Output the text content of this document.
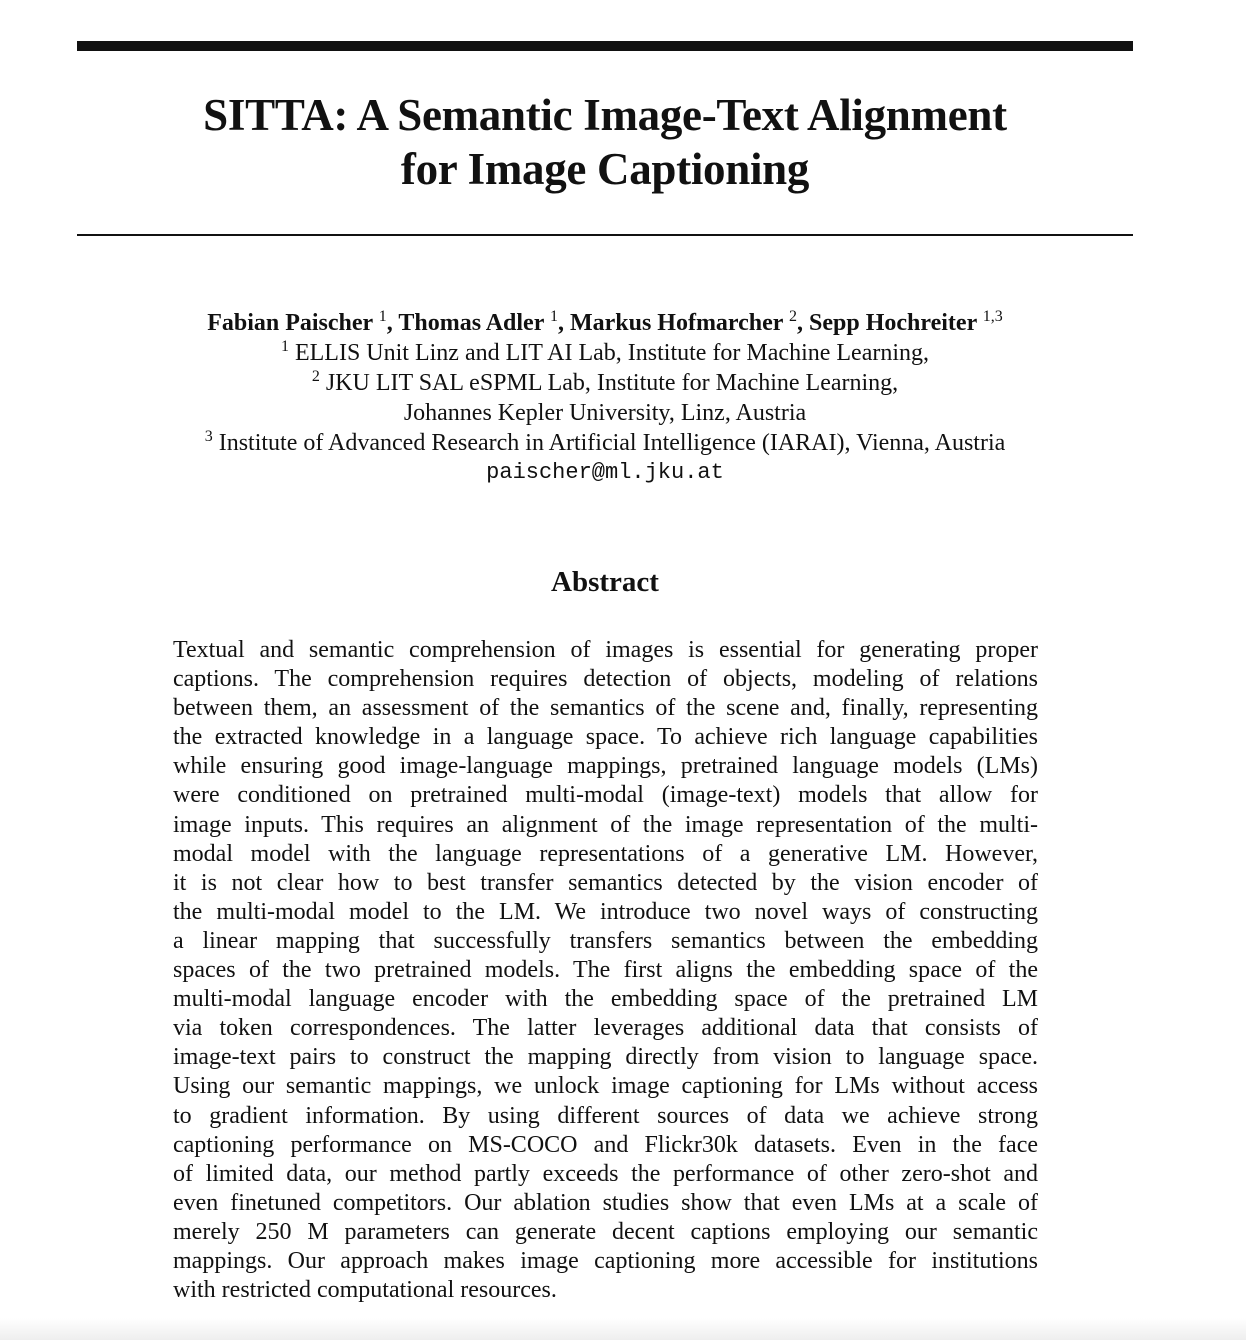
SITTA: A Semantic Image-Text Alignment
for Image Captioning
Fabian Paischer $^1$, Thomas Adler $^1$, Markus Hofmarcher $^2$, Sepp Hochreiter $^{1,3}$
$^1$ ELLIS Unit Linz and LIT AI Lab, Institute for Machine Learning,
$^2$ JKU LIT SAL eSPML Lab, Institute for Machine Learning,
Johannes Kepler University, Linz, Austria
$^3$ Institute of Advanced Research in Artificial Intelligence (IARAI), Vienna, Austria
paischer@ml.jku.at
Abstract

Textual and semantic comprehension of images is essential for generating proper
captions. The comprehension requires detection of objects, modeling of relations
between them, an assessment of the semantics of the scene and, finally, representing
the extracted knowledge in a language space. To achieve rich language capabilities
while ensuring good image-language mappings, pretrained language models (LMs)
were conditioned on pretrained multi-modal (image-text) models that allow for
image inputs. This requires an alignment of the image representation of the multi-
modal model with the language representations of a generative LM. However,
it is not clear how to best transfer semantics detected by the vision encoder of
the multi-modal model to the LM. We introduce two novel ways of constructing
a linear mapping that successfully transfers semantics between the embedding
spaces of the two pretrained models. The first aligns the embedding space of the
multi-modal language encoder with the embedding space of the pretrained LM
via token correspondences. The latter leverages additional data that consists of
image-text pairs to construct the mapping directly from vision to language space.
Using our semantic mappings, we unlock image captioning for LMs without access
to gradient information. By using different sources of data we achieve strong
captioning performance on MS-COCO and Flickr30k datasets. Even in the face
of limited data, our method partly exceeds the performance of other zero-shot and
even finetuned competitors. Our ablation studies show that even LMs at a scale of
merely 250 M parameters can generate decent captions employing our semantic
mappings. Our approach makes image captioning more accessible for institutions
with restricted computational resources.
